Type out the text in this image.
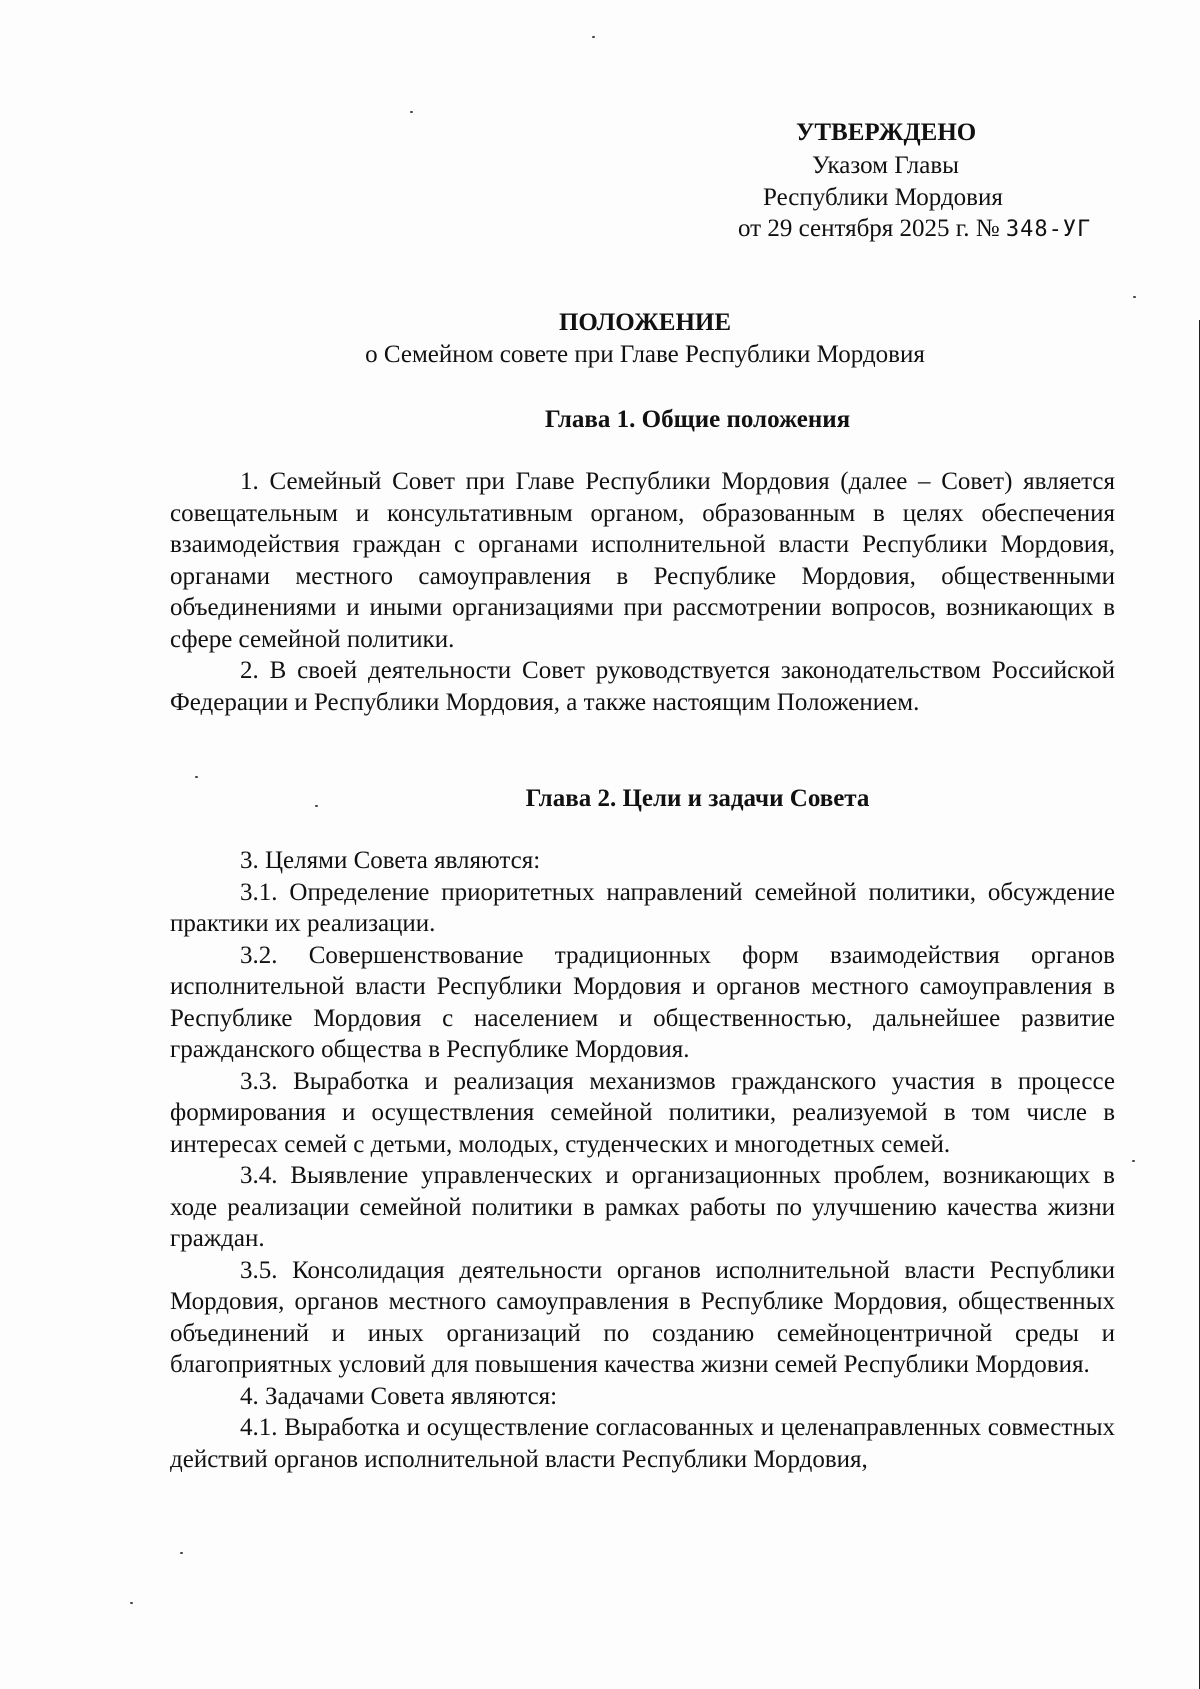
УТВЕРЖДЕНО
Указом Главы
Республики Мордовия
от 29 сентября 2025 г. № 348-УГ
ПОЛОЖЕНИЕ
о Семейном совете при Главе Республики Мордовия
Глава 1. Общие положения

1. Семейный Совет при Главе Республики Мордовия (далее – Совет) является совещательным и консультативным органом, образованным в целях обеспечения взаимодействия граждан с органами исполнительной власти Республики Мордовия, органами местного самоуправления в Республике Мордовия, общественными объединениями и иными организациями при рассмотрении вопросов, возникающих в сфере семейной политики.

2. В своей деятельности Совет руководствуется законодательством Российской Федерации и Республики Мордовия, а также настоящим Положением.

Глава 2. Цели и задачи Совета

3. Целями Совета являются:

3.1. Определение приоритетных направлений семейной политики, обсуждение практики их реализации.

3.2. Совершенствование традиционных форм взаимодействия органов исполнительной власти Республики Мордовия и органов местного самоуправления в Республике Мордовия с населением и общественностью, дальнейшее развитие гражданского общества в Республике Мордовия.

3.3. Выработка и реализация механизмов гражданского участия в процессе формирования и осуществления семейной политики, реализуемой в том числе в интересах семей с детьми, молодых, студенческих и многодетных семей.

3.4. Выявление управленческих и организационных проблем, возникающих в ходе реализации семейной политики в рамках работы по улучшению качества жизни граждан.

3.5. Консолидация деятельности органов исполнительной власти Республики Мордовия, органов местного самоуправления в Республике Мордовия, общественных объединений и иных организаций по созданию семейноцентричной среды и благоприятных условий для повышения качества жизни семей Республики Мордовия.

4. Задачами Совета являются:

4.1. Выработка и осуществление согласованных и целенаправленных совместных действий органов исполнительной власти Республики Мордовия,
